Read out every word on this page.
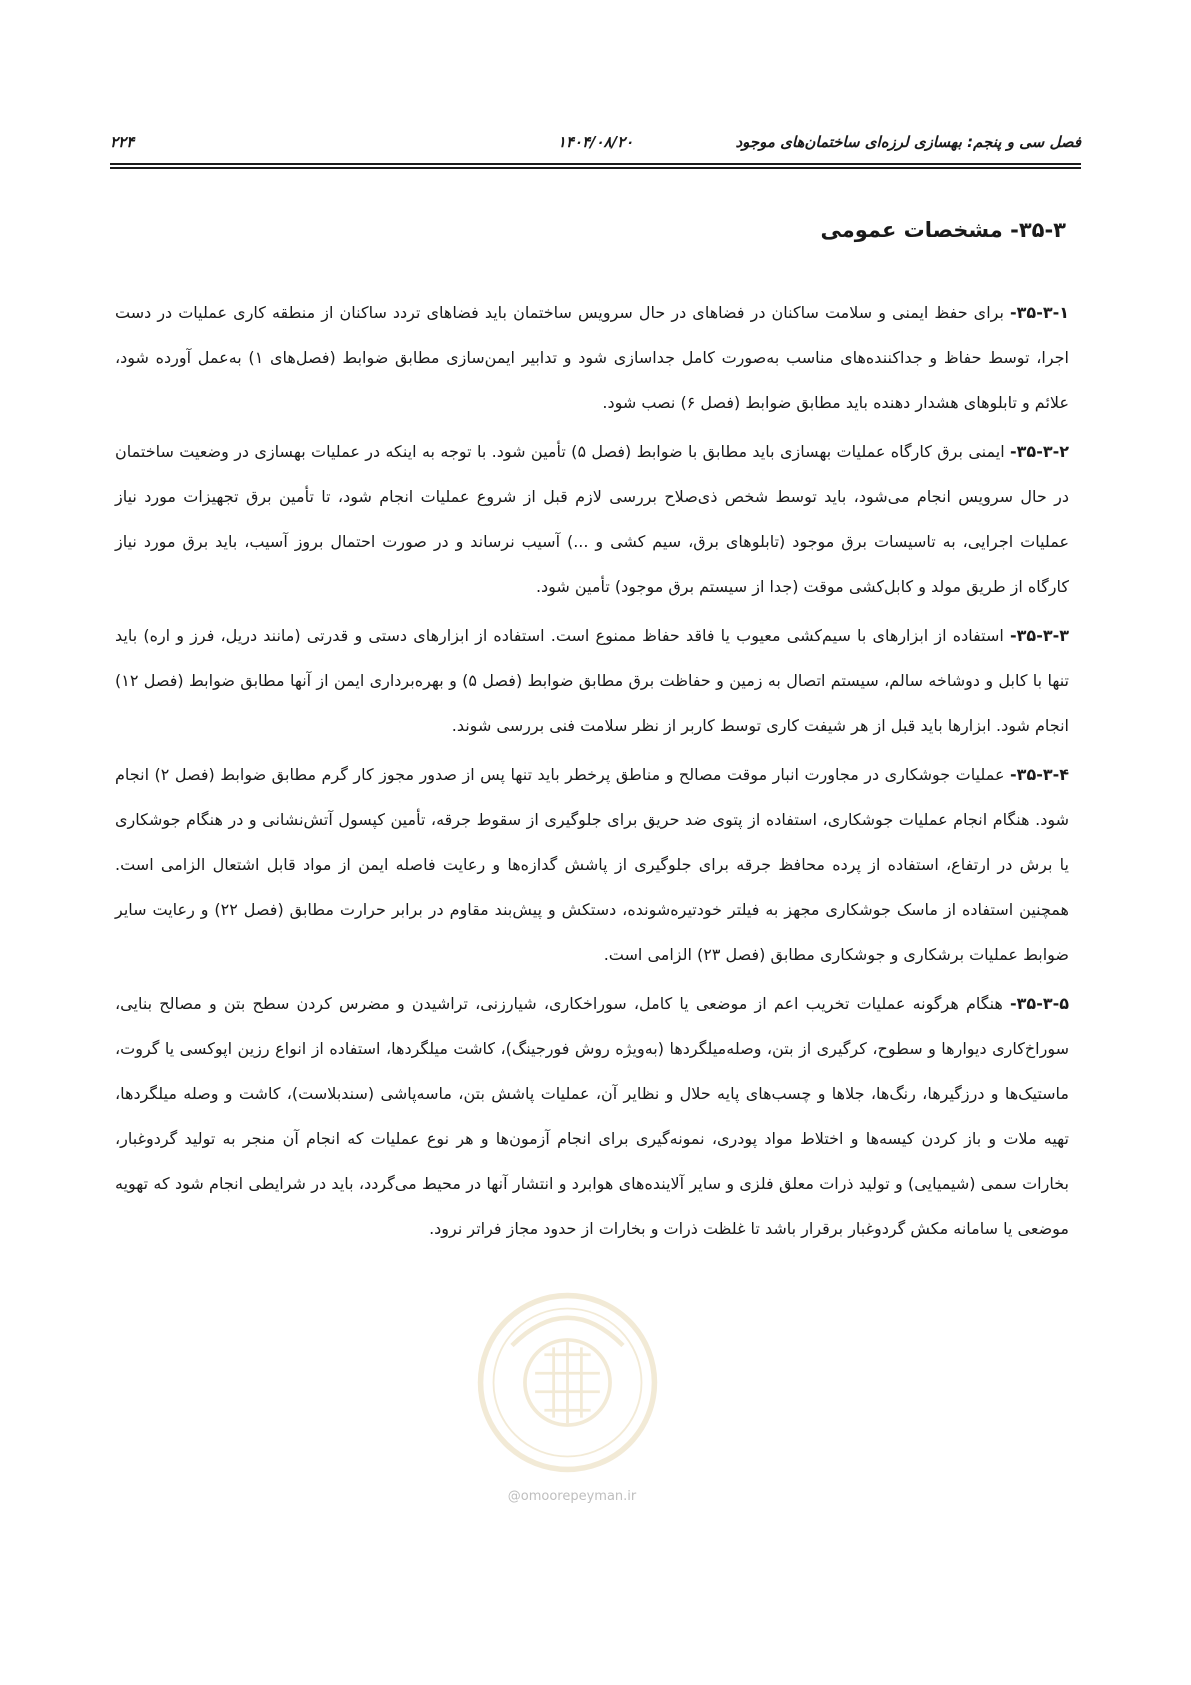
فصل سی و پنجم: بهسازی لرزه‌ای ساختمان‌های موجود
۱۴۰۴/۰۸/۲۰
۲۲۴
۳۵-۳- مشخصات عمومی

۳۵-۳-۱- برای حفظ ایمنی و سلامت ساکنان در فضاهای در حال سرویس ساختمان باید فضاهای تردد ساکنان از منطقه کاری عملیات در دست اجرا، توسط حفاظ و جداکننده‌های مناسب به‌صورت کامل جداسازی شود و تدابیر ایمن‌سازی مطابق ضوابط (فصل‌های ۱) به‌عمل آورده شود، علائم و تابلوهای هشدار دهنده باید مطابق ضوابط (فصل ۶) نصب شود.

۳۵-۳-۲- ایمنی برق کارگاه عملیات بهسازی باید مطابق با ضوابط (فصل ۵) تأمین شود. با توجه به اینکه در عملیات بهسازی در وضعیت ساختمان در حال سرویس انجام می‌شود، باید توسط شخص ذی‌صلاح بررسی لازم قبل از شروع عملیات انجام شود، تا تأمین برق تجهیزات مورد نیاز عملیات اجرایی، به تاسیسات برق موجود (تابلوهای برق، سیم کشی و ...) آسیب نرساند و در صورت احتمال بروز آسیب، باید برق مورد نیاز کارگاه از طریق مولد و کابل‌کشی موقت (جدا از سیستم برق موجود) تأمین شود.

۳۵-۳-۳- استفاده از ابزارهای با سیم‌کشی معیوب یا فاقد حفاظ ممنوع است. استفاده از ابزارهای دستی و قدرتی (مانند دریل، فرز و اره) باید تنها با کابل و دوشاخه سالم، سیستم اتصال به زمین و حفاظت برق مطابق ضوابط (فصل ۵) و بهره‌برداری ایمن از آنها مطابق ضوابط (فصل ۱۲) انجام شود. ابزارها باید قبل از هر شیفت کاری توسط کاربر از نظر سلامت فنی بررسی شوند.

۳۵-۳-۴- عملیات جوشکاری در مجاورت انبار موقت مصالح و مناطق پرخطر باید تنها پس از صدور مجوز کار گرم مطابق ضوابط (فصل ۲) انجام شود. هنگام انجام عملیات جوشکاری، استفاده از پتوی ضد حریق برای جلوگیری از سقوط جرقه، تأمین کپسول آتش‌نشانی و در هنگام جوشکاری یا برش در ارتفاع، استفاده از پرده محافظ جرقه برای جلوگیری از پاشش گدازه‌ها و رعایت فاصله ایمن از مواد قابل اشتعال الزامی است. همچنین استفاده از ماسک جوشکاری مجهز به فیلتر خودتیره‌شونده، دستکش و پیش‌بند مقاوم در برابر حرارت مطابق (فصل ۲۲) و رعایت سایر ضوابط عملیات برشکاری و جوشکاری مطابق (فصل ۲۳) الزامی است.

۳۵-۳-۵- هنگام هرگونه عملیات تخریب اعم از موضعی یا کامل، سوراخکاری، شیارزنی، تراشیدن و مضرس کردن سطح بتن و مصالح بنایی، سوراخ‌کاری دیوارها و سطوح، کرگیری از بتن، وصله‌میلگردها (به‌ویژه روش فورجینگ)، کاشت میلگردها، استفاده از انواع رزین اپوکسی یا گروت، ماستیک‌ها و درزگیرها، رنگ‌ها، جلاها و چسب‌های پایه حلال و نظایر آن، عملیات پاشش بتن، ماسه‌پاشی (سندبلاست)، کاشت و وصله میلگردها، تهیه ملات و باز کردن کیسه‌ها و اختلاط مواد پودری، نمونه‌گیری برای انجام آزمون‌ها و هر نوع عملیات که انجام آن منجر به تولید گردوغبار، بخارات سمی (شیمیایی) و تولید ذرات معلق فلزی و سایر آلاینده‌های هوابرد و انتشار آنها در محیط می‌گردد، باید در شرایطی انجام شود که تهویه موضعی یا سامانه مکش گردوغبار برقرار باشد تا غلظت ذرات و بخارات از حدود مجاز فراتر نرود.

@omoorepeyman.ir
